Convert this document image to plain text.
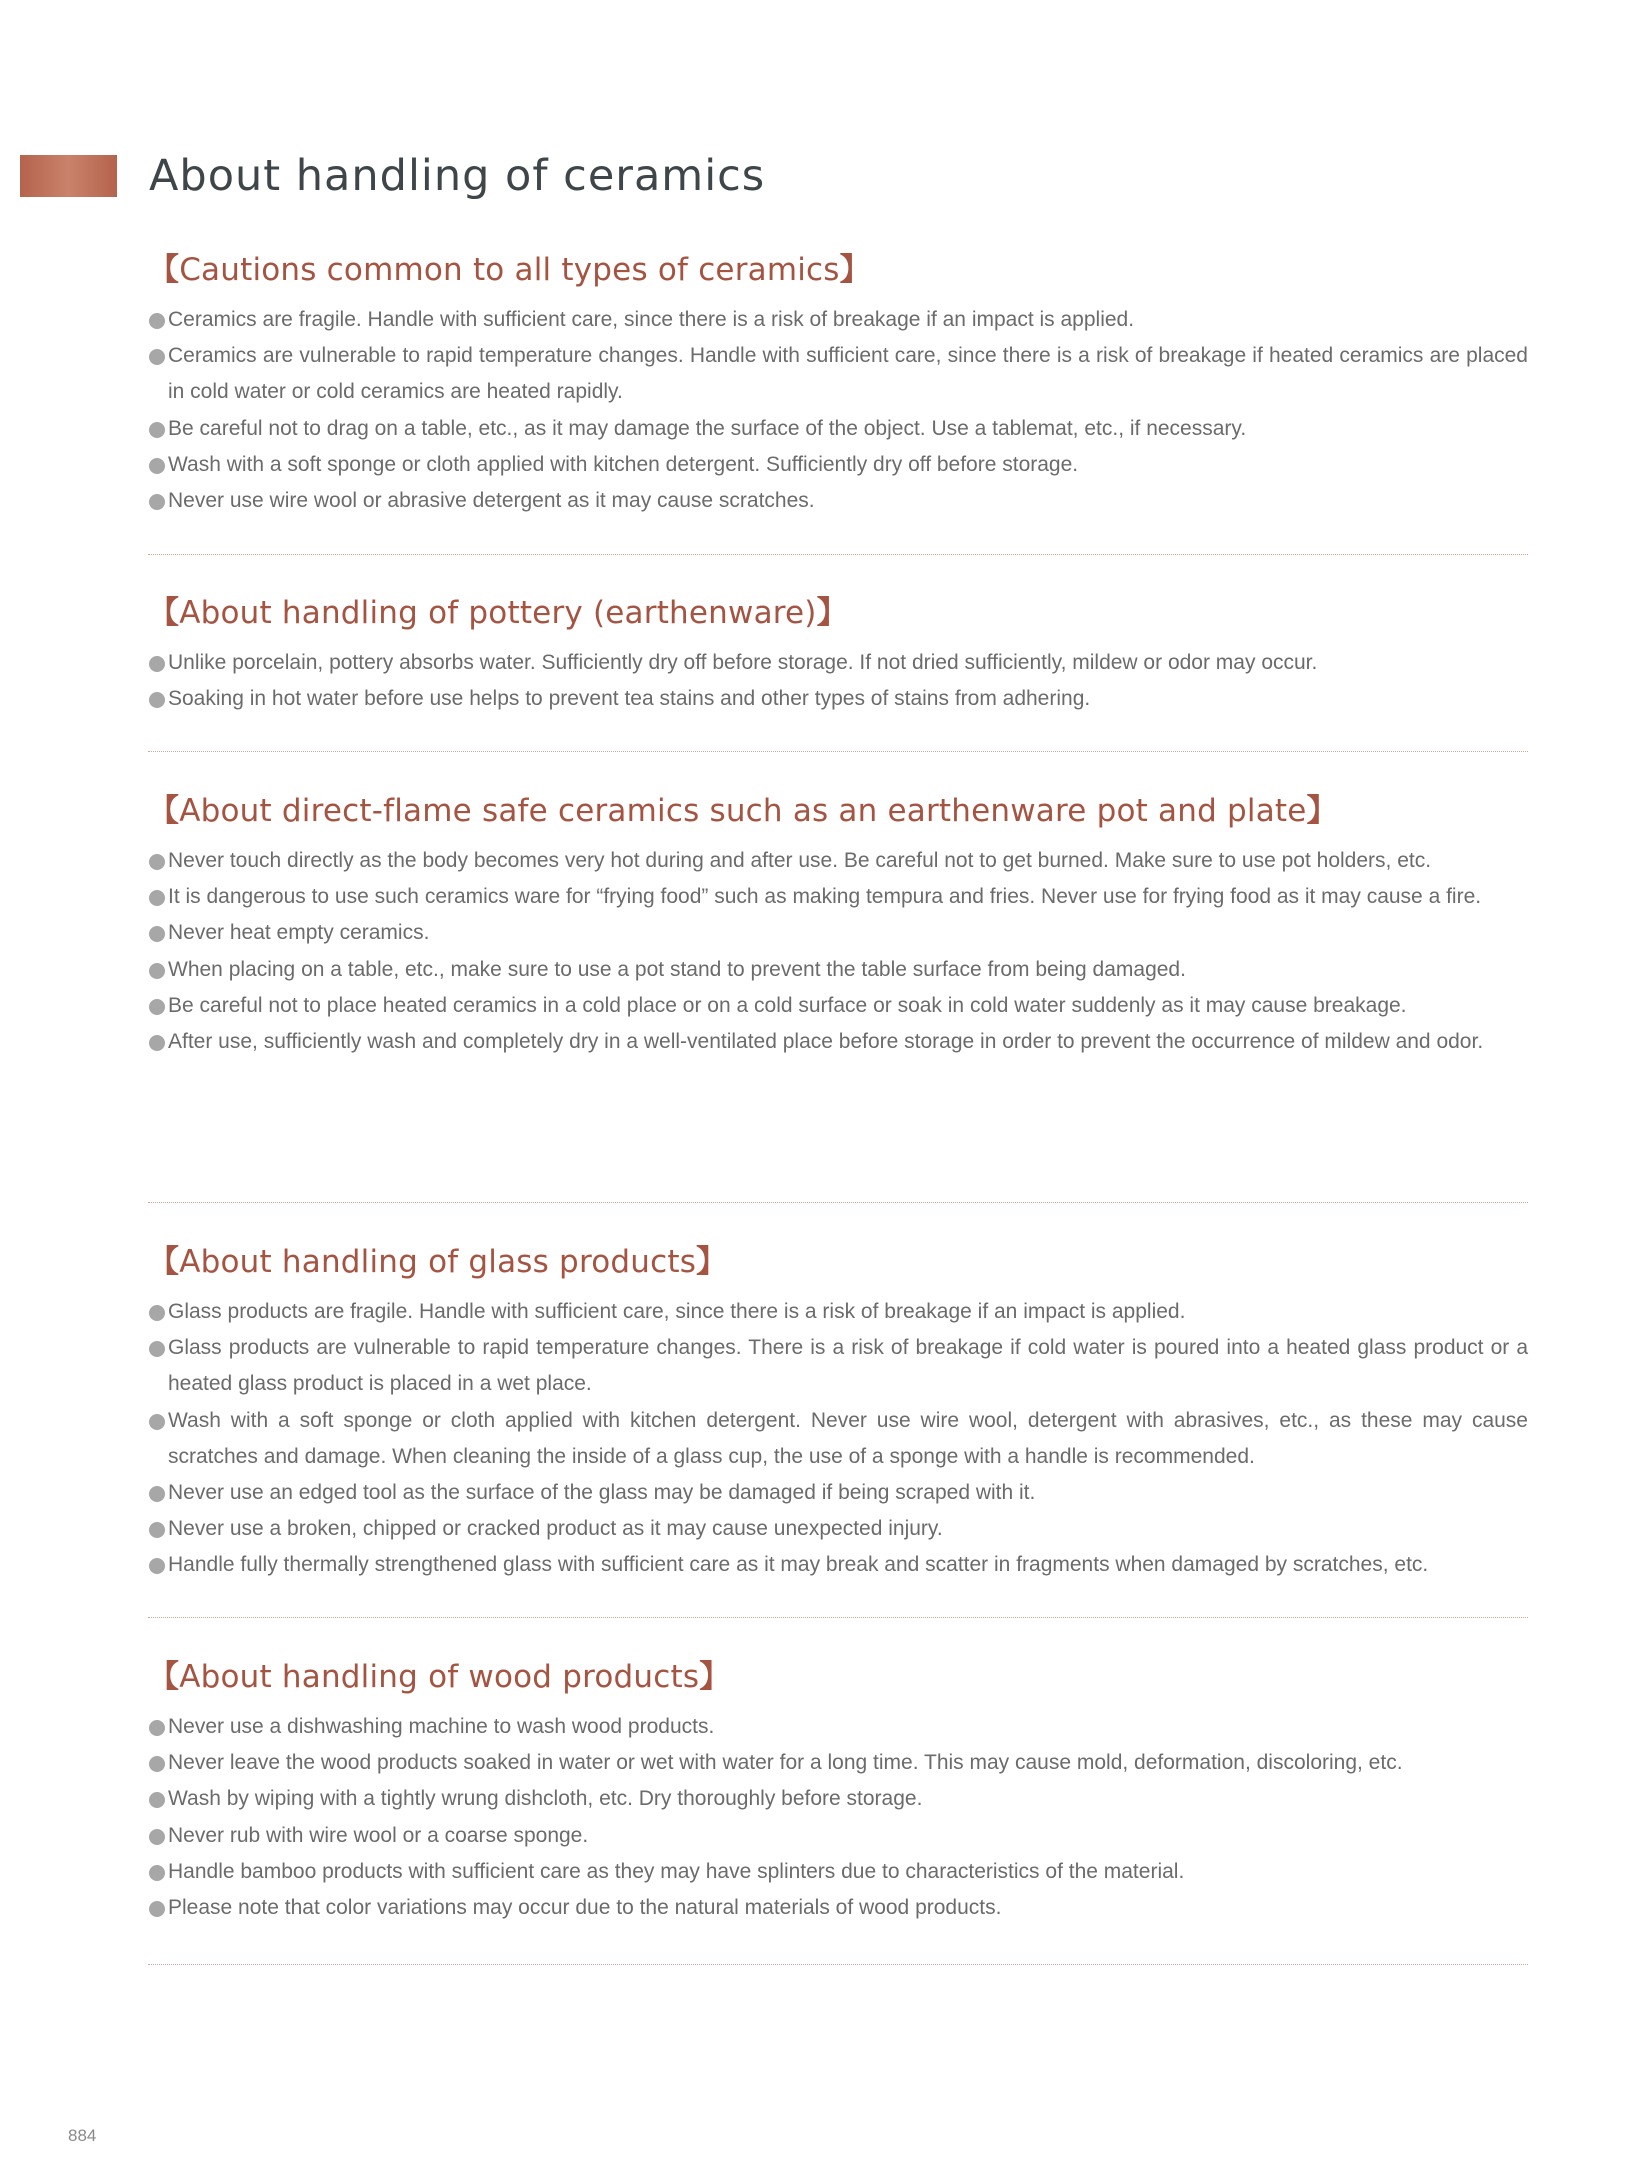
About handling of ceramics
【Cautions common to all types of ceramics】
Ceramics are fragile. Handle with sufficient care, since there is a risk of breakage if an impact is applied.
Ceramics are vulnerable to rapid temperature changes. Handle with sufficient care, since there is a risk of breakage if heated ceramics are placed in cold water or cold ceramics are heated rapidly.
Be careful not to drag on a table, etc., as it may damage the surface of the object. Use a tablemat, etc., if necessary.
Wash with a soft sponge or cloth applied with kitchen detergent. Sufficiently dry off before storage.
Never use wire wool or abrasive detergent as it may cause scratches.
【About handling of pottery (earthenware)】
Unlike porcelain, pottery absorbs water. Sufficiently dry off before storage. If not dried sufficiently, mildew or odor may occur.
Soaking in hot water before use helps to prevent tea stains and other types of stains from adhering.
【About direct-flame safe ceramics such as an earthenware pot and plate】
Never touch directly as the body becomes very hot during and after use. Be careful not to get burned. Make sure to use pot holders, etc.
It is dangerous to use such ceramics ware for “frying food” such as making tempura and fries. Never use for frying food as it may cause a fire.
Never heat empty ceramics.
When placing on a table, etc., make sure to use a pot stand to prevent the table surface from being damaged.
Be careful not to place heated ceramics in a cold place or on a cold surface or soak in cold water suddenly as it may cause breakage.
After use, sufficiently wash and completely dry in a well-ventilated place before storage in order to prevent the occurrence of mildew and odor.
【About handling of glass products】
Glass products are fragile. Handle with sufficient care, since there is a risk of breakage if an impact is applied.
Glass products are vulnerable to rapid temperature changes. There is a risk of breakage if cold water is poured into a heated glass product or a heated glass product is placed in a wet place.
Wash with a soft sponge or cloth applied with kitchen detergent. Never use wire wool, detergent with abrasives, etc., as these may cause scratches and damage. When cleaning the inside of a glass cup, the use of a sponge with a handle is recommended.
Never use an edged tool as the surface of the glass may be damaged if being scraped with it.
Never use a broken, chipped or cracked product as it may cause unexpected injury.
Handle fully thermally strengthened glass with sufficient care as it may break and scatter in fragments when damaged by scratches, etc.
【About handling of wood products】
Never use a dishwashing machine to wash wood products.
Never leave the wood products soaked in water or wet with water for a long time. This may cause mold, deformation, discoloring, etc.
Wash by wiping with a tightly wrung dishcloth, etc. Dry thoroughly before storage.
Never rub with wire wool or a coarse sponge.
Handle bamboo products with sufficient care as they may have splinters due to characteristics of the material.
Please note that color variations may occur due to the natural materials of wood products.
884
